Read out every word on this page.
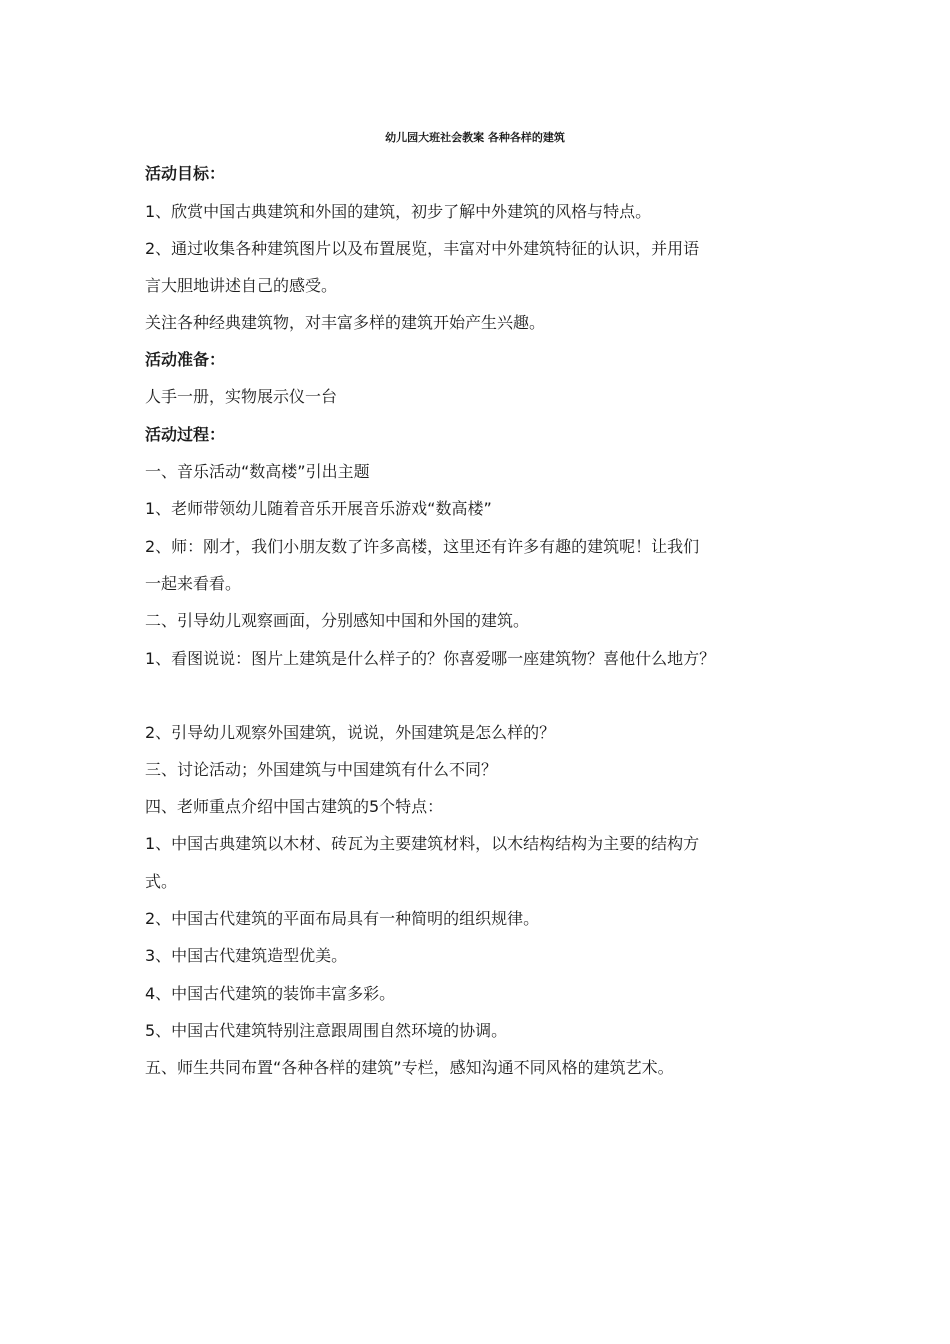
幼儿园大班社会教案 各种各样的建筑
活动目标：
1、欣赏中国古典建筑和外国的建筑，初步了解中外建筑的风格与特点。
2、通过收集各种建筑图片以及布置展览，丰富对中外建筑特征的认识，并用语
言大胆地讲述自己的感受。
关注各种经典建筑物，对丰富多样的建筑开始产生兴趣。
活动准备：
人手一册，实物展示仪一台
活动过程：
一、音乐活动“数高楼”引出主题
1、老师带领幼儿随着音乐开展音乐游戏“数高楼”
2、师：刚才，我们小朋友数了许多高楼，这里还有许多有趣的建筑呢！让我们
一起来看看。
二、引导幼儿观察画面，分别感知中国和外国的建筑。
1、看图说说：图片上建筑是什么样子的？你喜爱哪一座建筑物？喜他什么地方？
2、引导幼儿观察外国建筑，说说，外国建筑是怎么样的？
三、讨论活动；外国建筑与中国建筑有什么不同？
四、老师重点介绍中国古建筑的5个特点：
1、中国古典建筑以木材、砖瓦为主要建筑材料，以木结构结构为主要的结构方
式。
2、中国古代建筑的平面布局具有一种简明的组织规律。
3、中国古代建筑造型优美。
4、中国古代建筑的装饰丰富多彩。
5、中国古代建筑特别注意跟周围自然环境的协调。
五、师生共同布置“各种各样的建筑”专栏，感知沟通不同风格的建筑艺术。
